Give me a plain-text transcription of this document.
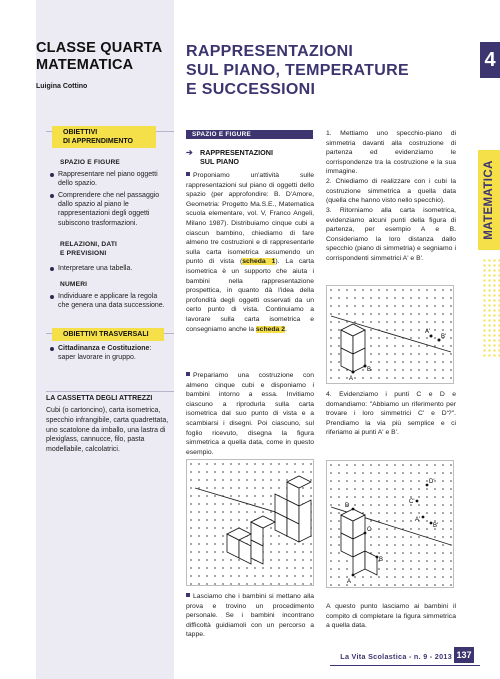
CLASSE QUARTA
MATEMATICA
Luigina Cottino
OBIETTIVI
DI APPRENDIMENTO
SPAZIO E FIGURE
Rappresentare nel piano oggetti dello spazio.
Comprendere che nel passaggio dallo spazio al piano le rappresentazioni degli oggetti subiscono trasformazioni.
RELAZIONI, DATI
E PREVISIONI
Interpretare una tabella.
NUMERI
Individuare e applicare la regola che genera una data successione.
OBIETTIVI TRASVERSALI
Cittadinanza e Costituzione: saper lavorare in gruppo.
LA CASSETTA DEGLI ATTREZZI
Cubi (o cartoncino), carta isometrica, specchio infrangibile, carta quadrettata, uno scatolone da imballo, una lastra di plexiglass, cannucce, filo, pasta modellabile, calcolatrici.
RAPPRESENTAZIONI
SUL PIANO, TEMPERATURE
E SUCCESSIONI
4
MATEMATICA
SPAZIO E FIGURE
➔ RAPPRESENTAZIONI
SUL PIANO
Proponiamo un'attività sulle rappresentazioni sul piano di oggetti dello spazio (per approfondire: B. D'Amore, Geometria: Progetto Ma.S.E., Matematica scuola elementare, vol. V, Franco Angeli, Milano 1987). Distribuiamo cinque cubi a ciascun bambino, chiediamo di fare almeno tre costruzioni e di rappresentarle sulla carta isometrica assumendo un punto di vista (scheda 1). La carta isometrica è un supporto che aiuta i bambini nella rappresentazione prospettica, in quanto dà l'idea della profondità degli oggetti osservati da un certo punto di vista. Continuiamo a lavorare sulla carta isometrica e consegniamo anche la scheda 2.
Prepariamo una costruzione con almeno cinque cubi e disponiamo i bambini intorno a essa. Invitiamo ciascuno a riprodurla sulla carta isometrica dal suo punto di vista e a scambiarsi i disegni. Poi ciascuno, sul foglio ricevuto, disegna la figura simmetrica a quella data, come in questo esempio.
Lasciamo che i bambini si mettano alla prova e trovino un procedimento personale. Se i bambini incontrano difficoltà guidiamoli con un percorso a tappe.
1. Mettiamo uno specchio-piano di simmetria davanti alla costruzione di partenza ed evidenziamo le corrispondenze tra la costruzione e la sua immagine.
2. Chiediamo di realizzare con i cubi la costruzione simmetrica a quella data (quella che hanno visto nello specchio).
3. Ritorniamo alla carta isometrica, evidenziamo alcuni punti della figura di partenza, per esempio A e B. Consideriamo la loro distanza dallo specchio (piano di simmetria) e segniamo i corrispondenti simmetrici A' e B'.
A
B
A'
B'
4. Evidenziamo i punti C e D e domandiamo: "Abbiamo un riferimento per trovare i loro simmetrici C' e D'?". Prendiamo la via più semplice e ci riferiamo ai punti A' e B'.
A
B
C
D
A'
B'
C'
D'
A questo punto lasciamo ai bambini il compito di completare la figura simmetrica a quella data.
La Vita Scolastica - n. 9 - 2013 137
